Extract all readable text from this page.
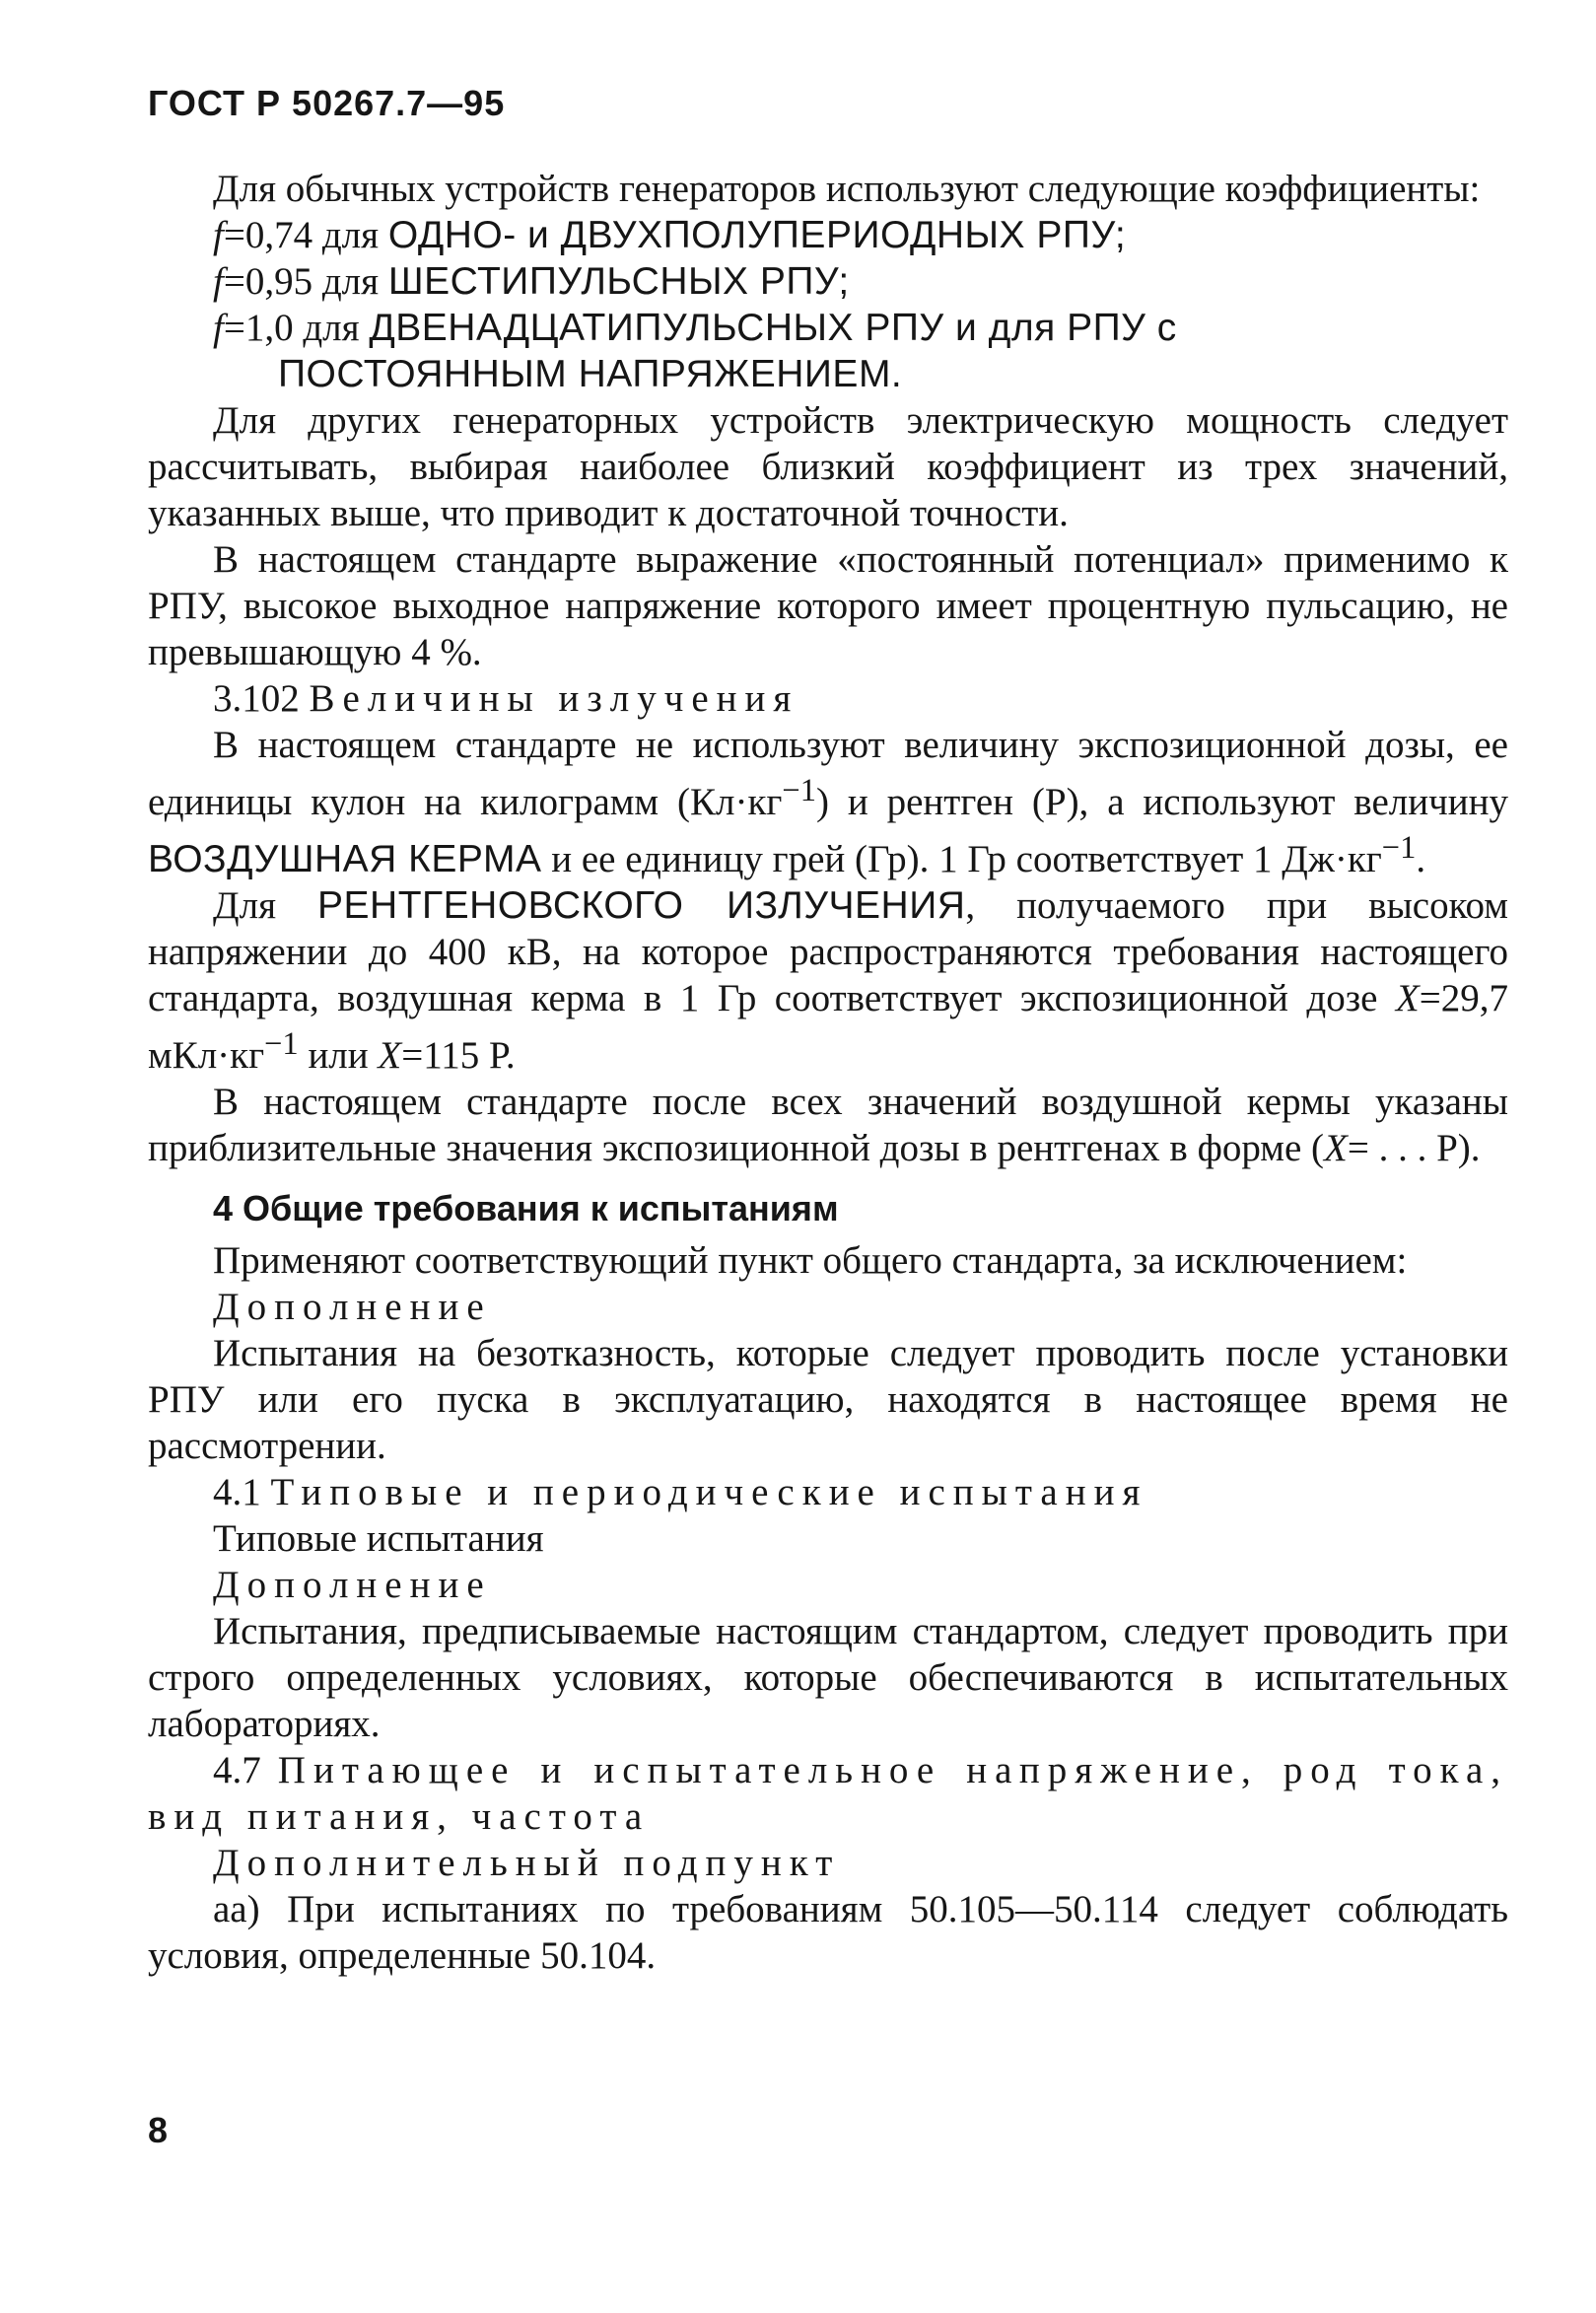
ГОСТ Р 50267.7—95

Для обычных устройств генераторов используют следующие коэффициенты:

f=0,74 для ОДНО- и ДВУХПОЛУПЕРИОДНЫХ РПУ;
f=0,95 для ШЕСТИПУЛЬСНЫХ РПУ;
f=1,0 для ДВЕНАДЦАТИПУЛЬСНЫХ РПУ и для РПУ с
ПОСТОЯННЫМ НАПРЯЖЕНИЕМ.

Для других генераторных устройств электрическую мощность следует рассчитывать, выбирая наиболее близкий коэффициент из трех значений, указанных выше, что приводит к достаточной точности.

В настоящем стандарте выражение «постоянный потенциал» применимо к РПУ, высокое выходное напряжение которого имеет процентную пульсацию, не превышающую 4 %.

3.102 Величины излучения

В настоящем стандарте не используют величину экспозиционной дозы, ее единицы кулон на килограмм $(Кл\cdot кг^{-1})$ и рентген (Р), а используют величину ВОЗДУШНАЯ КЕРМА и ее единицу грей (Гр). 1 Гр соответствует 1 $Дж\cdot кг^{-1}$.

Для РЕНТГЕНОВСКОГО ИЗЛУЧЕНИЯ, получаемого при высоком напряжении до 400 кВ, на которое распространяются требования настоящего стандарта, воздушная керма в 1 Гр соответствует экспозиционной дозе X=29,7 $мКл\cdot кг^{-1}$ или X=115 Р.

В настоящем стандарте после всех значений воздушной кермы указаны приблизительные значения экспозиционной дозы в рентгенах в форме (X= . . . Р).

4 Общие требования к испытаниям

Применяют соответствующий пункт общего стандарта, за исключением:

Дополнение

Испытания на безотказность, которые следует проводить после установки РПУ или его пуска в эксплуатацию, находятся в настоящее время не рассмотрении.

4.1 Типовые и периодические испытания

Типовые испытания

Дополнение

Испытания, предписываемые настоящим стандартом, следует проводить при строго определенных условиях, которые обеспечиваются в испытательных лабораториях.

4.7 Питающее и испытательное напряжение, род тока, вид питания, частота

Дополнительный подпункт

аа) При испытаниях по требованиям 50.105—50.114 следует соблюдать условия, определенные 50.104.

8
